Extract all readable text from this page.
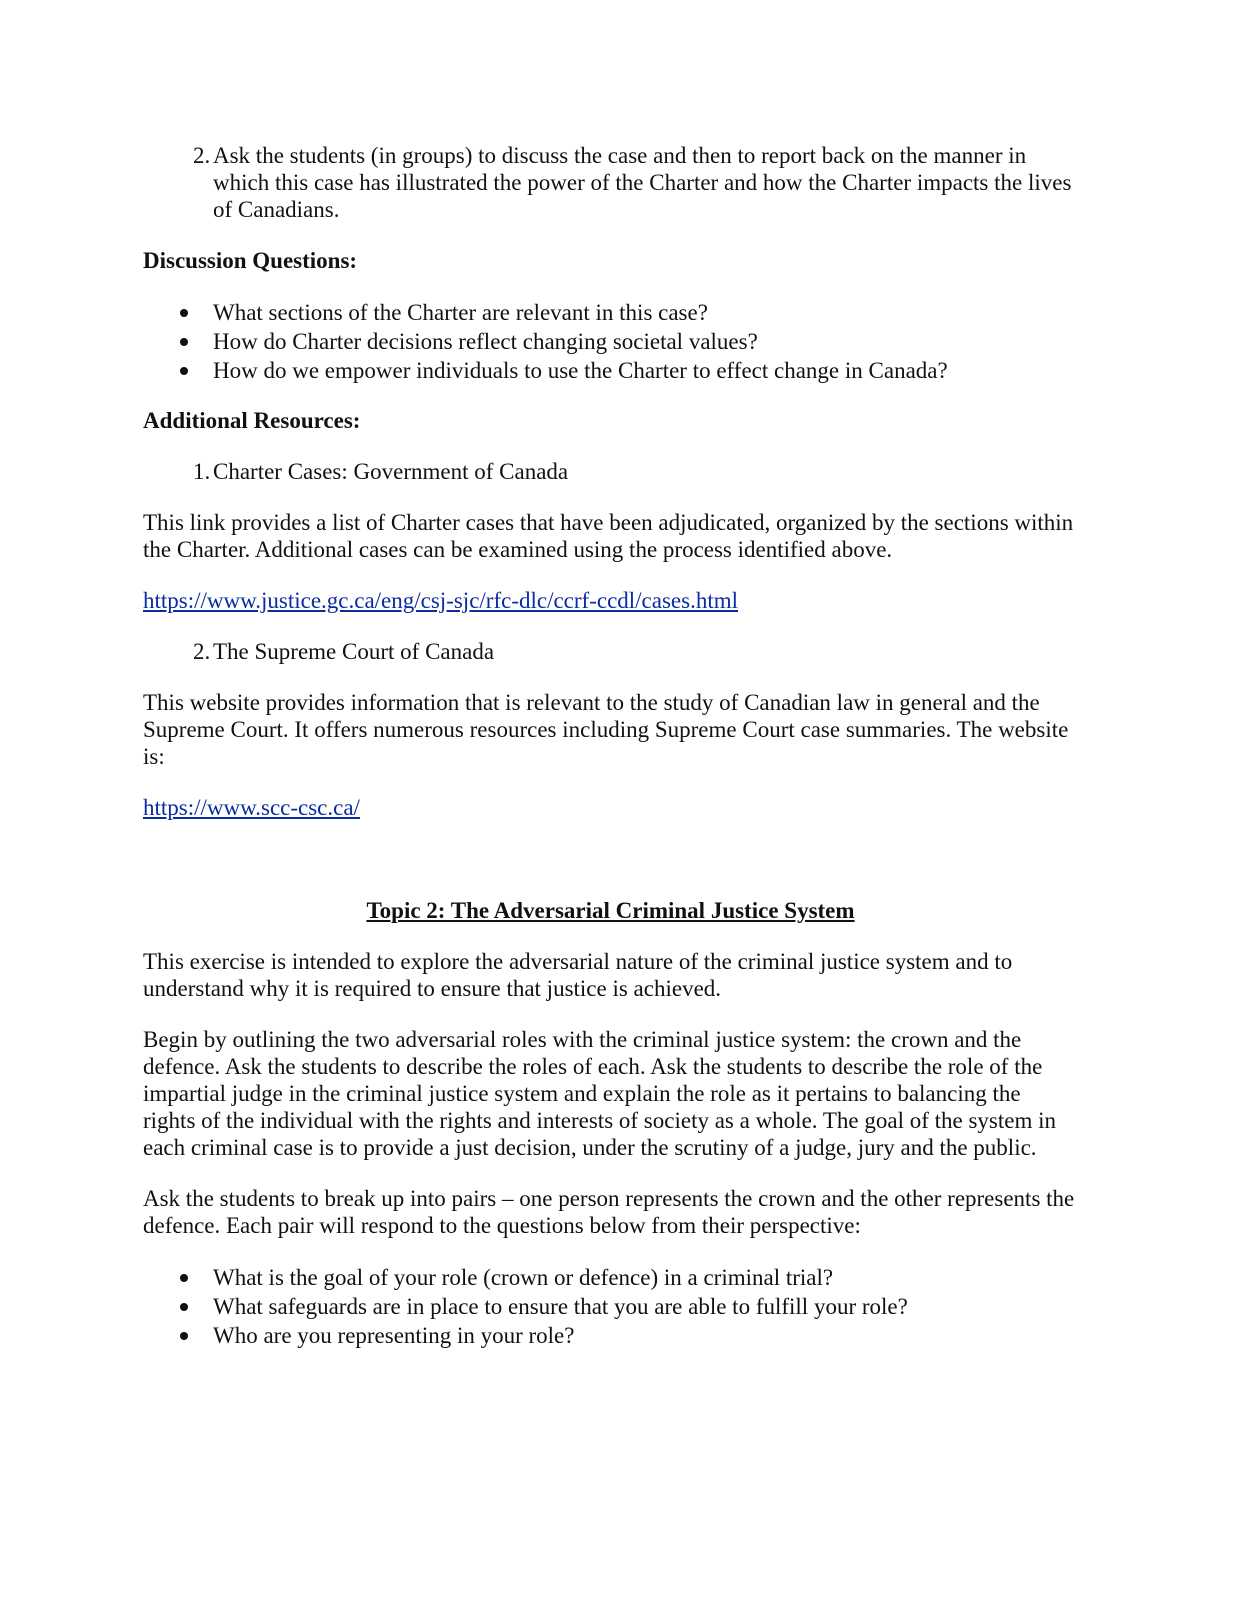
2. Ask the students (in groups) to discuss the case and then to report back on the manner in which this case has illustrated the power of the Charter and how the Charter impacts the lives of Canadians.

Discussion Questions:

What sections of the Charter are relevant in this case?
How do Charter decisions reflect changing societal values?
How do we empower individuals to use the Charter to effect change in Canada?

Additional Resources:

1. Charter Cases: Government of Canada

This link provides a list of Charter cases that have been adjudicated, organized by the sections within the Charter. Additional cases can be examined using the process identified above.

https://www.justice.gc.ca/eng/csj-sjc/rfc-dlc/ccrf-ccdl/cases.html

2. The Supreme Court of Canada

This website provides information that is relevant to the study of Canadian law in general and the Supreme Court. It offers numerous resources including Supreme Court case summaries. The website is:

https://www.scc-csc.ca/

Topic 2: The Adversarial Criminal Justice System

This exercise is intended to explore the adversarial nature of the criminal justice system and to understand why it is required to ensure that justice is achieved.

Begin by outlining the two adversarial roles with the criminal justice system: the crown and the defence. Ask the students to describe the roles of each. Ask the students to describe the role of the impartial judge in the criminal justice system and explain the role as it pertains to balancing the rights of the individual with the rights and interests of society as a whole. The goal of the system in each criminal case is to provide a just decision, under the scrutiny of a judge, jury and the public.

Ask the students to break up into pairs – one person represents the crown and the other represents the defence. Each pair will respond to the questions below from their perspective:

What is the goal of your role (crown or defence) in a criminal trial?
What safeguards are in place to ensure that you are able to fulfill your role?
Who are you representing in your role?
